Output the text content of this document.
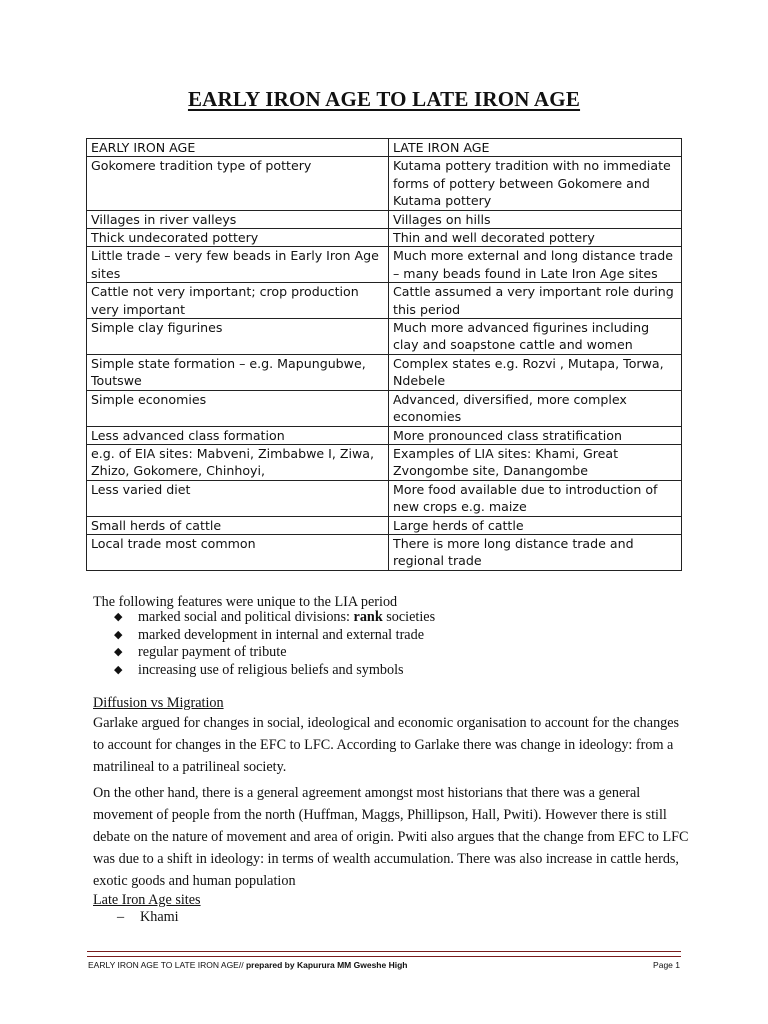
EARLY IRON AGE TO LATE IRON AGE
EARLY IRON AGE	LATE IRON AGE
Gokomere tradition type of pottery	Kutama pottery tradition with no immediate forms of pottery between Gokomere and Kutama pottery
Villages in river valleys	Villages on hills
Thick undecorated pottery	Thin and well decorated pottery
Little trade – very few beads in Early Iron Age sites	Much more external and long distance trade – many beads found in Late Iron Age sites
Cattle not very important; crop production very important	Cattle assumed a very important role during this period
Simple clay figurines	Much more advanced figurines including clay and soapstone cattle and women
Simple state formation – e.g. Mapungubwe, Toutswe	Complex states e.g. Rozvi , Mutapa, Torwa, Ndebele
Simple economies	Advanced, diversified, more complex economies
Less advanced class formation	More pronounced class stratification
e.g. of EIA sites: Mabveni, Zimbabwe I, Ziwa, Zhizo, Gokomere, Chinhoyi,	Examples of LIA sites: Khami, Great Zvongombe site, Danangombe
Less varied diet	More food available due to introduction of new crops e.g. maize
Small herds of cattle	Large herds of cattle
Local trade most common	There is more long distance trade and regional trade

The following features were unique to the LIA period

◆ marked social and political divisions: rank societies
◆ marked development in internal and external trade
◆ regular payment of tribute
◆ increasing use of religious beliefs and symbols

Diffusion vs Migration

Garlake argued for changes in social, ideological and economic organisation to account for the changes to account for changes in the EFC to LFC. According to Garlake there was change in ideology: from a matrilineal to a patrilineal society.

On the other hand, there is a general agreement amongst most historians that there was a general movement of people from the north (Huffman, Maggs, Phillipson, Hall, Pwiti). However there is still debate on the nature of movement and area of origin. Pwiti also argues that the change from EFC to LFC was due to a shift in ideology: in terms of wealth accumulation. There was also increase in cattle herds, exotic goods and human population

Late Iron Age sites

– Khami
EARLY IRON AGE TO LATE IRON AGE// prepared by Kapurura MM Gweshe High	Page 1
